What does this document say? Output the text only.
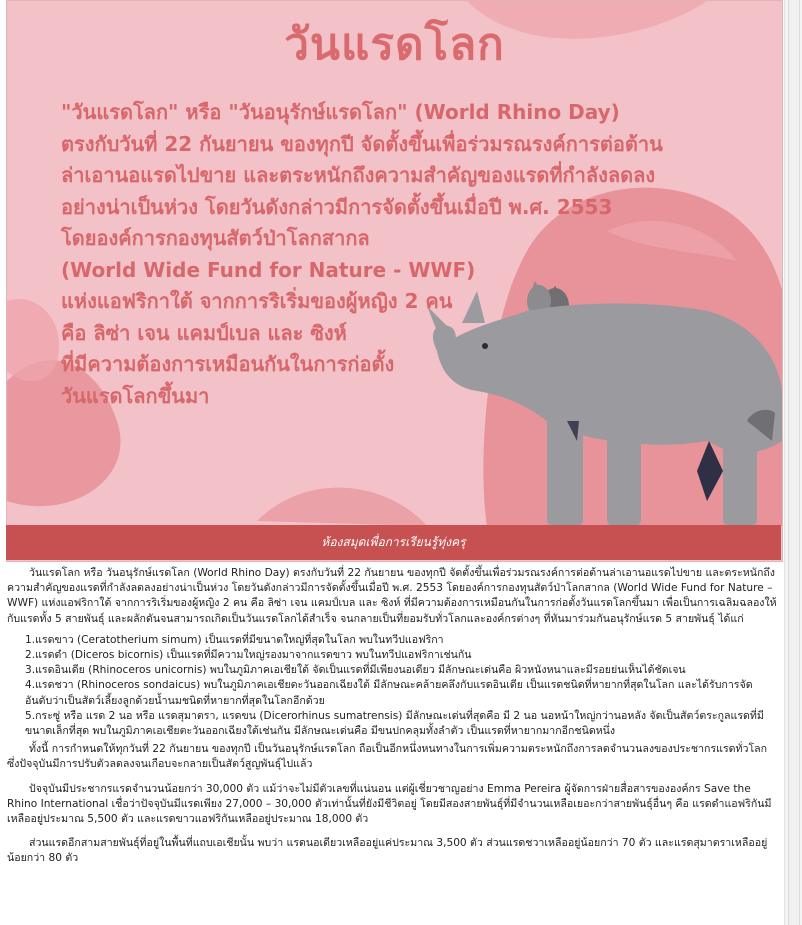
วันแรดโลก
"วันแรดโลก" หรือ "วันอนุรักษ์แรดโลก" (World Rhino Day)
ตรงกับวันที่ 22 กันยายน ของทุกปี จัดตั้งขึ้นเพื่อร่วมรณรงค์การต่อต้าน
ล่าเอานอแรดไปขาย และตระหนักถึงความสำคัญของแรดที่กำลังลดลง
อย่างน่าเป็นห่วง โดยวันดังกล่าวมีการจัดตั้งขึ้นเมื่อปี พ.ศ. 2553
โดยองค์การกองทุนสัตว์ป่าโลกสากล
(World Wide Fund for Nature - WWF)
แห่งแอฟริกาใต้ จากการริเริ่มของผู้หญิง 2 คน
คือ ลิซ่า เจน แคมป์เบล และ ซิงห์
ที่มีความต้องการเหมือนกันในการก่อตั้ง
วันแรดโลกขึ้นมา
ห้องสมุดเพื่อการเรียนรู้ทุ่งครุ

วันแรดโลก หรือ วันอนุรักษ์แรดโลก (World Rhino Day) ตรงกับวันที่ 22 กันยายน ของทุกปี จัดตั้งขึ้นเพื่อร่วมรณรงค์การต่อต้านล่าเอานอแรดไปขาย และตระหนักถึงความสำคัญของแรดที่กำลังลดลงอย่างน่าเป็นห่วง โดยวันดังกล่าวมีการจัดตั้งขึ้นเมื่อปี พ.ศ. 2553 โดยองค์การกองทุนสัตว์ป่าโลกสากล (World Wide Fund for Nature – WWF) แห่งแอฟริกาใต้ จากการริเริ่มของผู้หญิง 2 คน คือ ลิซ่า เจน แคมป์เบล และ ซิงห์ ที่มีความต้องการเหมือนกันในการก่อตั้งวันแรดโลกขึ้นมา เพื่อเป็นการเฉลิมฉลองให้กับแรดทั้ง 5 สายพันธุ์ และผลักดันจนสามารถเกิดเป็นวันแรดโลกได้สำเร็จ จนกลายเป็นที่ยอมรับทั่วโลกและองค์กรต่างๆ ที่หันมาร่วมกันอนุรักษ์แรด 5 สายพันธุ์ ได้แก่

1.แรดขาว (Ceratotherium simum) เป็นแรดที่มีขนาดใหญ่ที่สุดในโลก พบในทวีปแอฟริกา
2.แรดดำ (Diceros bicornis) เป็นแรดที่มีความใหญ่รองมาจากแรดขาว พบในทวีปแอฟริกาเช่นกัน
3.แรดอินเดีย (Rhinoceros unicornis) พบในภูมิภาคเอเชียใต้ จัดเป็นแรดที่มีเพียงนอเดียว มีลักษณะเด่นคือ ผิวหนังหนาและมีรอยย่นเห็นได้ชัดเจน
4.แรดชวา (Rhinoceros sondaicus) พบในภูมิภาคเอเชียตะวันออกเฉียงใต้ มีลักษณะคล้ายคลึงกับแรดอินเดีย เป็นแรดชนิดที่หายากที่สุดในโลก และได้รับการจัดอันดับว่าเป็นสัตว์เลี้ยงลูกด้วยน้ำนมชนิดที่หายากที่สุดในโลกอีกด้วย
5.กระซู่ หรือ แรด 2 นอ หรือ แรดสุมาตรา, แรดขน (Dicerorhinus sumatrensis) มีลักษณะเด่นที่สุดคือ มี 2 นอ นอหน้าใหญ่กว่านอหลัง จัดเป็นสัตว์ตระกูลแรดที่มีขนาดเล็กที่สุด พบในภูมิภาคเอเชียตะวันออกเฉียงใต้เช่นกัน มีลักษณะเด่นคือ มีขนปกคลุมทั้งลำตัว เป็นแรดที่หายากมากอีกชนิดหนึ่ง

ทั้งนี้ การกำหนดให้ทุกวันที่ 22 กันยายน ของทุกปี เป็นวันอนุรักษ์แรดโลก ถือเป็นอีกหนึ่งหนทางในการเพิ่มความตระหนักถึงการลดจำนวนลงของประชากรแรดทั่วโลก ซึ่งปัจจุบันมีการปรับตัวลดลงจนเกือบจะกลายเป็นสัตว์สูญพันธุ์ไปแล้ว

ปัจจุบันมีประชากรแรดจำนวนน้อยกว่า 30,000 ตัว แม้ว่าจะไม่มีตัวเลขที่แน่นอน แต่ผู้เชี่ยวชาญอย่าง Emma Pereira ผู้จัดการฝ่ายสื่อสารขององค์กร Save the Rhino International เชื่อว่าปัจจุบันมีแรดเพียง 27,000 – 30,000 ตัวเท่านั้นที่ยังมีชีวิตอยู่ โดยมีสองสายพันธุ์ที่มีจำนวนเหลือเยอะกว่าสายพันธุ์อื่นๆ คือ แรดดำแอฟริกันมีเหลืออยู่ประมาณ 5,500 ตัว และแรดขาวแอฟริกันเหลืออยู่ประมาณ 18,000 ตัว

ส่วนแรดอีกสามสายพันธุ์ที่อยู่ในพื้นที่แถบเอเชียนั้น พบว่า แรดนอเดียวเหลืออยู่แค่ประมาณ 3,500 ตัว ส่วนแรดชวาเหลืออยู่น้อยกว่า 70 ตัว และแรดสุมาตราเหลืออยู่น้อยกว่า 80 ตัว
